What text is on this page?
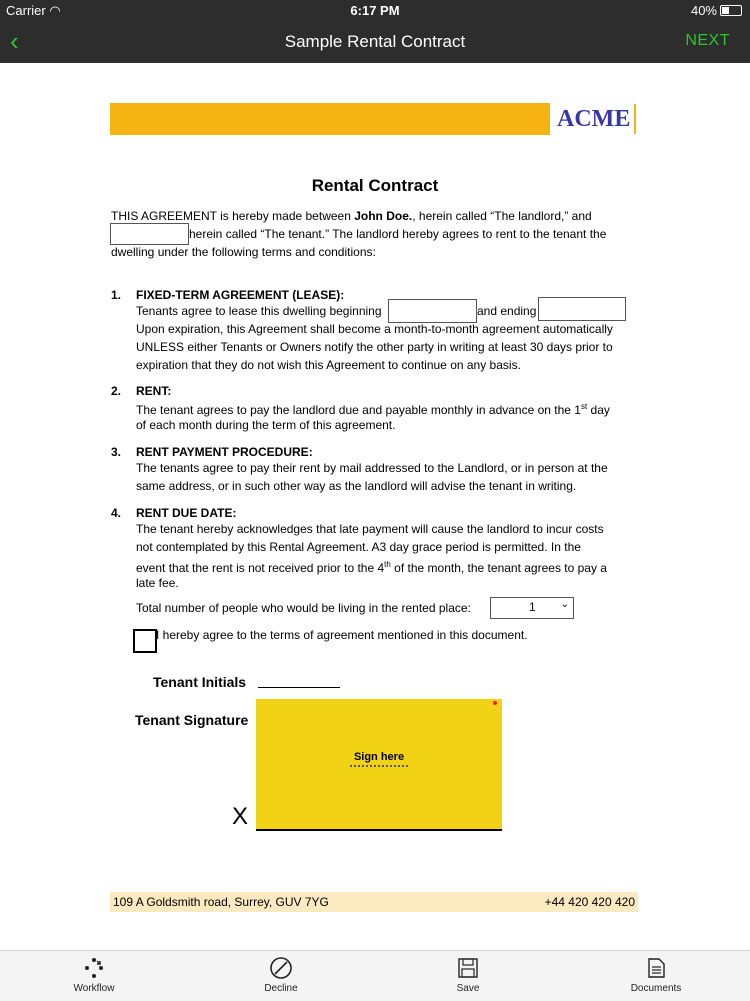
Carrier ◠	6:17 PM	40%
‹	Sample Rental Contract	NEXT
ACME
Rental Contract
THIS AGREEMENT is hereby made between John Doe., herein called “The landlord,” and
herein called “The tenant.” The landlord hereby agrees to rent to the tenant the
dwelling under the following terms and conditions:
1. FIXED-TERM AGREEMENT (LEASE):
Tenants agree to lease this dwelling beginning	and ending
Upon expiration, this Agreement shall become a month-to-month agreement automatically
UNLESS either Tenants or Owners notify the other party in writing at least 30 days prior to
expiration that they do not wish this Agreement to continue on any basis.
2. RENT:
The tenant agrees to pay the landlord due and payable monthly in advance on the 1st day
of each month during the term of this agreement.
3. RENT PAYMENT PROCEDURE:
The tenants agree to pay their rent by mail addressed to the Landlord, or in person at the
same address, or in such other way as the landlord will advise the tenant in writing.
4. RENT DUE DATE:
The tenant hereby acknowledges that late payment will cause the landlord to incur costs
not contemplated by this Rental Agreement. A3 day grace period is permitted. In the
event that the rent is not received prior to the 4th of the month, the tenant agrees to pay a
late fee.
Total number of people who would be living in the rented place:	1 ⌄
I hereby agree to the terms of agreement mentioned in this document.
Tenant Initials
Tenant Signature
Sign here
X
109 A Goldsmith road, Surrey, GUV 7YG	+44 420 420 420
Workflow	Decline	Save	Documents
